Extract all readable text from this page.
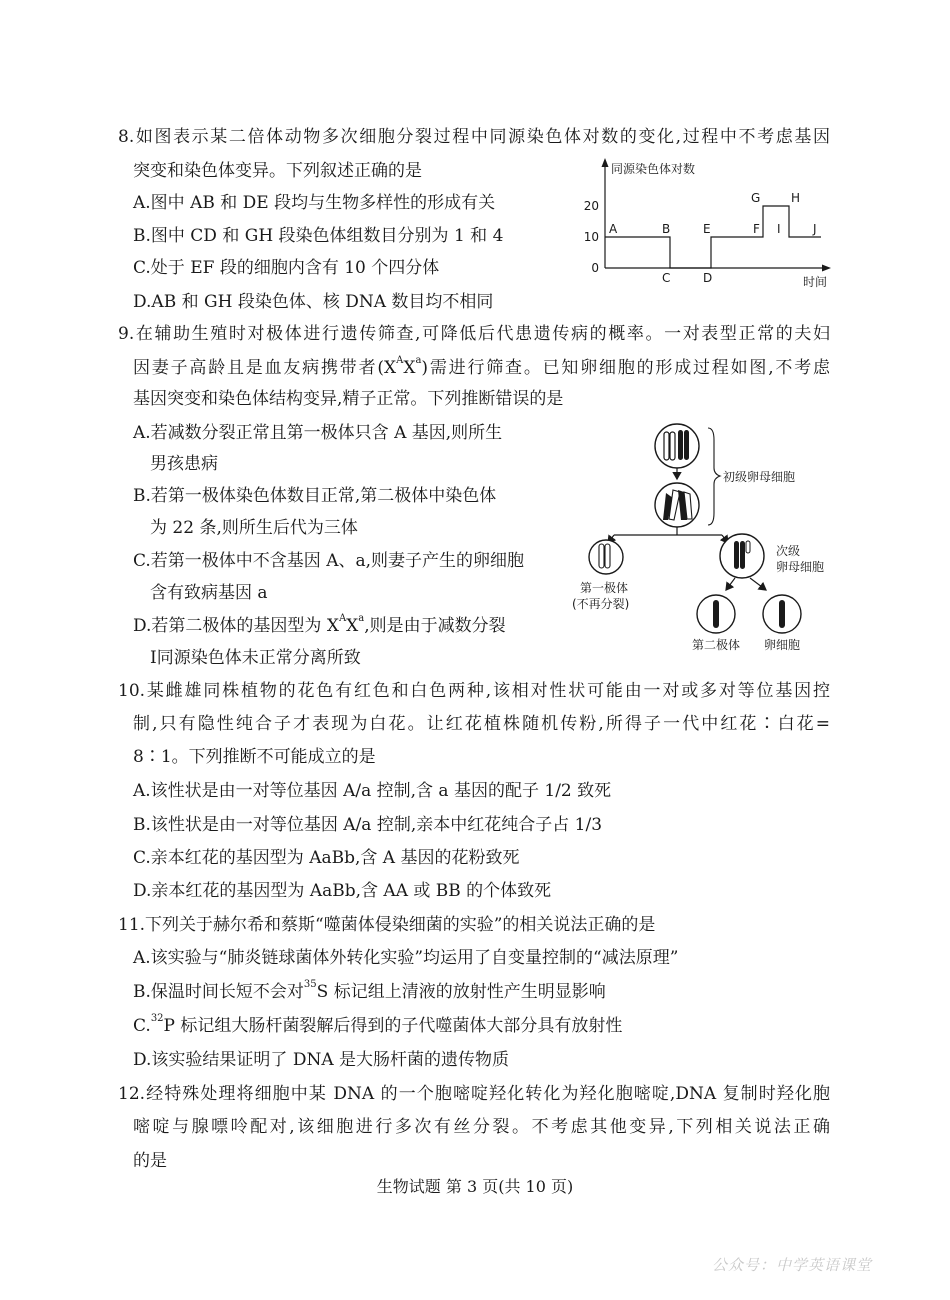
8.如图表示某二倍体动物多次细胞分裂过程中同源染色体对数的变化,过程中不考虑基因
突变和染色体变异。下列叙述正确的是
A.图中 AB 和 DE 段均与生物多样性的形成有关
B.图中 CD 和 GH 段染色体组数目分别为 1 和 4
C.处于 EF 段的细胞内含有 10 个四分体
D.AB 和 GH 段染色体、核 DNA 数目均不相同
同源染色体对数
时间
20
10
0
A	B
C	D
E	F
G	H
I	J
9.在辅助生殖时对极体进行遗传筛查,可降低后代患遗传病的概率。一对表型正常的夫妇
因妻子高龄且是血友病携带者$(X^AX^a)$需进行筛查。已知卵细胞的形成过程如图,不考虑
基因突变和染色体结构变异,精子正常。下列推断错误的是
A.若减数分裂正常且第一极体只含 A 基因,则所生
男孩患病
B.若第一极体染色体数目正常,第二极体中染色体
为 22 条,则所生后代为三体
C.若第一极体中不含基因 A、a,则妻子产生的卵细胞
含有致病基因 a
D.若第二极体的基因型为 $X^AX^a$,则是由于减数分裂
Ⅰ同源染色体未正常分离所致
初级卵母细胞
第一极体
(不再分裂)
次级
卵母细胞
第二极体 卵细胞
10.某雌雄同株植物的花色有红色和白色两种,该相对性状可能由一对或多对等位基因控
制,只有隐性纯合子才表现为白花。让红花植株随机传粉,所得子一代中红花∶白花=
8∶1。下列推断不可能成立的是
A.该性状是由一对等位基因 A/a 控制,含 a 基因的配子 1/2 致死
B.该性状是由一对等位基因 A/a 控制,亲本中红花纯合子占 1/3
C.亲本红花的基因型为 AaBb,含 A 基因的花粉致死
D.亲本红花的基因型为 AaBb,含 AA 或 BB 的个体致死
11.下列关于赫尔希和蔡斯“噬菌体侵染细菌的实验”的相关说法正确的是
A.该实验与“肺炎链球菌体外转化实验”均运用了自变量控制的“减法原理”
B.保温时间长短不会对$^{35}$S 标记组上清液的放射性产生明显影响
C.$^{32}$P 标记组大肠杆菌裂解后得到的子代噬菌体大部分具有放射性
D.该实验结果证明了 DNA 是大肠杆菌的遗传物质
12.经特殊处理将细胞中某 DNA 的一个胞嘧啶羟化转化为羟化胞嘧啶,DNA 复制时羟化胞
嘧啶与腺嘌呤配对,该细胞进行多次有丝分裂。不考虑其他变异,下列相关说法正确
的是
生物试题 第 3 页(共 10 页)
公众号：中学英语课堂
